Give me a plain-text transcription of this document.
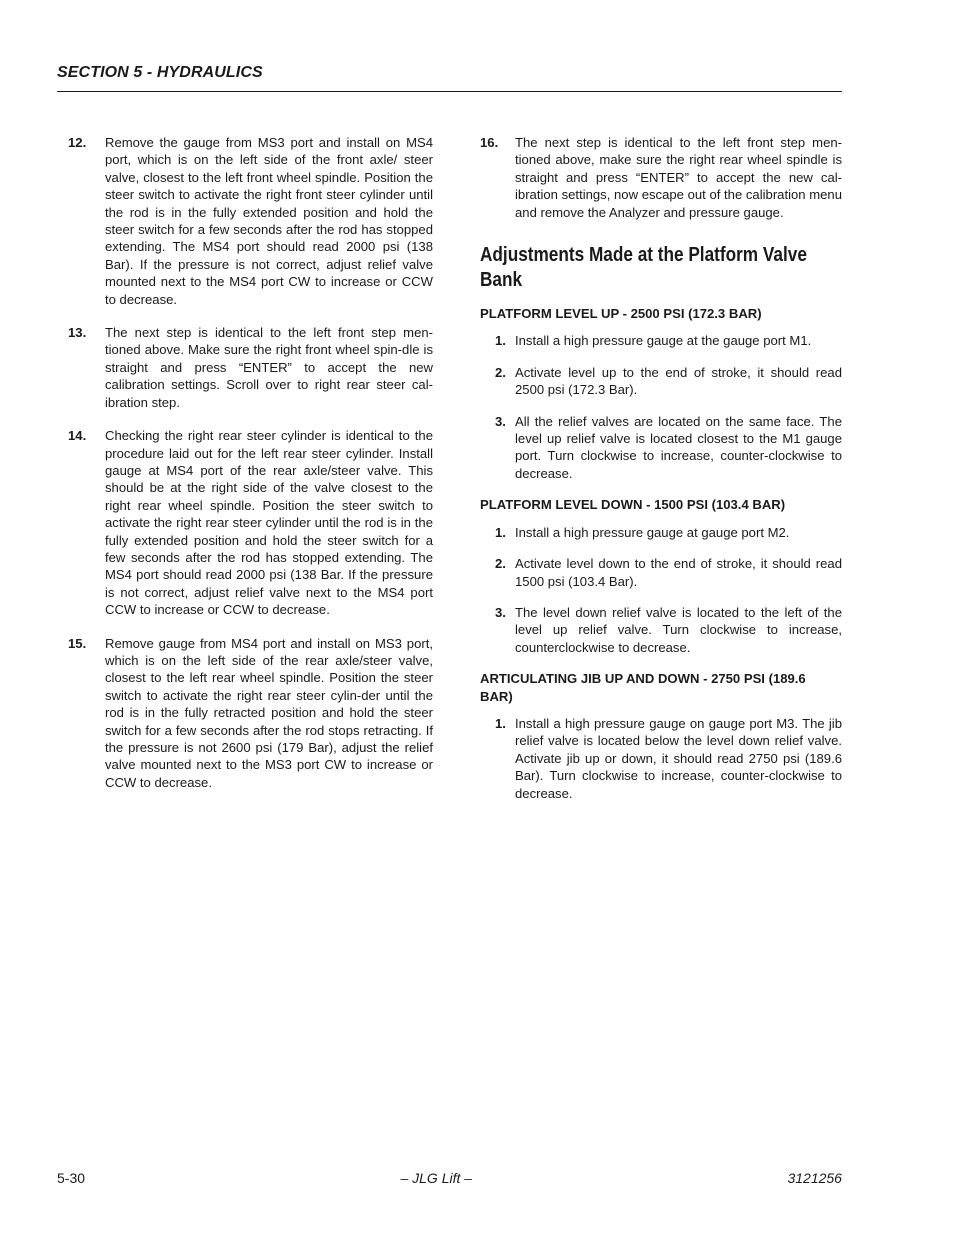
SECTION 5 - HYDRAULICS
12.	Remove the gauge from MS3 port and install on MS4 port, which is on the left side of the front axle/ steer valve, closest to the left front wheel spindle. Position the steer switch to activate the right front steer cylinder until the rod is in the fully extended position and hold the steer switch for a few seconds after the rod has stopped extending. The MS4 port should read 2000 psi (138 Bar). If the pressure is not correct, adjust relief valve mounted next to the MS4 port CW to increase or CCW to decrease.
13.	The next step is identical to the left front step men-tioned above. Make sure the right front wheel spin-dle is straight and press “ENTER” to accept the new calibration settings. Scroll over to right rear steer cal-ibration step.
14.	Checking the right rear steer cylinder is identical to the procedure laid out for the left rear steer cylinder. Install gauge at MS4 port of the rear axle/steer valve. This should be at the right side of the valve closest to the right rear wheel spindle. Position the steer switch to activate the right rear steer cylinder until the rod is in the fully extended position and hold the steer switch for a few seconds after the rod has stopped extending. The MS4 port should read 2000 psi (138 Bar. If the pressure is not correct, adjust relief valve next to the MS4 port CCW to increase or CCW to decrease.
15.	Remove gauge from MS4 port and install on MS3 port, which is on the left side of the rear axle/steer valve, closest to the left rear wheel spindle. Position the steer switch to activate the right rear steer cylin-der until the rod is in the fully retracted position and hold the steer switch for a few seconds after the rod stops retracting. If the pressure is not 2600 psi (179 Bar), adjust the relief valve mounted next to the MS3 port CW to increase or CCW to decrease.
16.	The next step is identical to the left front step men-tioned above, make sure the right rear wheel spindle is straight and press “ENTER” to accept the new cal-ibration settings, now escape out of the calibration menu and remove the Analyzer and pressure gauge.
Adjustments Made at the Platform Valve Bank
PLATFORM LEVEL UP - 2500 PSI (172.3 BAR)
1. Install a high pressure gauge at the gauge port M1.
2. Activate level up to the end of stroke, it should read 2500 psi (172.3 Bar).
3. All the relief valves are located on the same face. The level up relief valve is located closest to the M1 gauge port. Turn clockwise to increase, counter-clockwise to decrease.
PLATFORM LEVEL DOWN - 1500 PSI (103.4 BAR)
1. Install a high pressure gauge at gauge port M2.
2. Activate level down to the end of stroke, it should read 1500 psi (103.4 Bar).
3. The level down relief valve is located to the left of the level up relief valve. Turn clockwise to increase, counterclockwise to decrease.
ARTICULATING JIB UP AND DOWN - 2750 PSI (189.6 BAR)
1. Install a high pressure gauge on gauge port M3. The jib relief valve is located below the level down relief valve. Activate jib up or down, it should read 2750 psi (189.6 Bar). Turn clockwise to increase, counter-clockwise to decrease.
5-30	– JLG Lift –	3121256
